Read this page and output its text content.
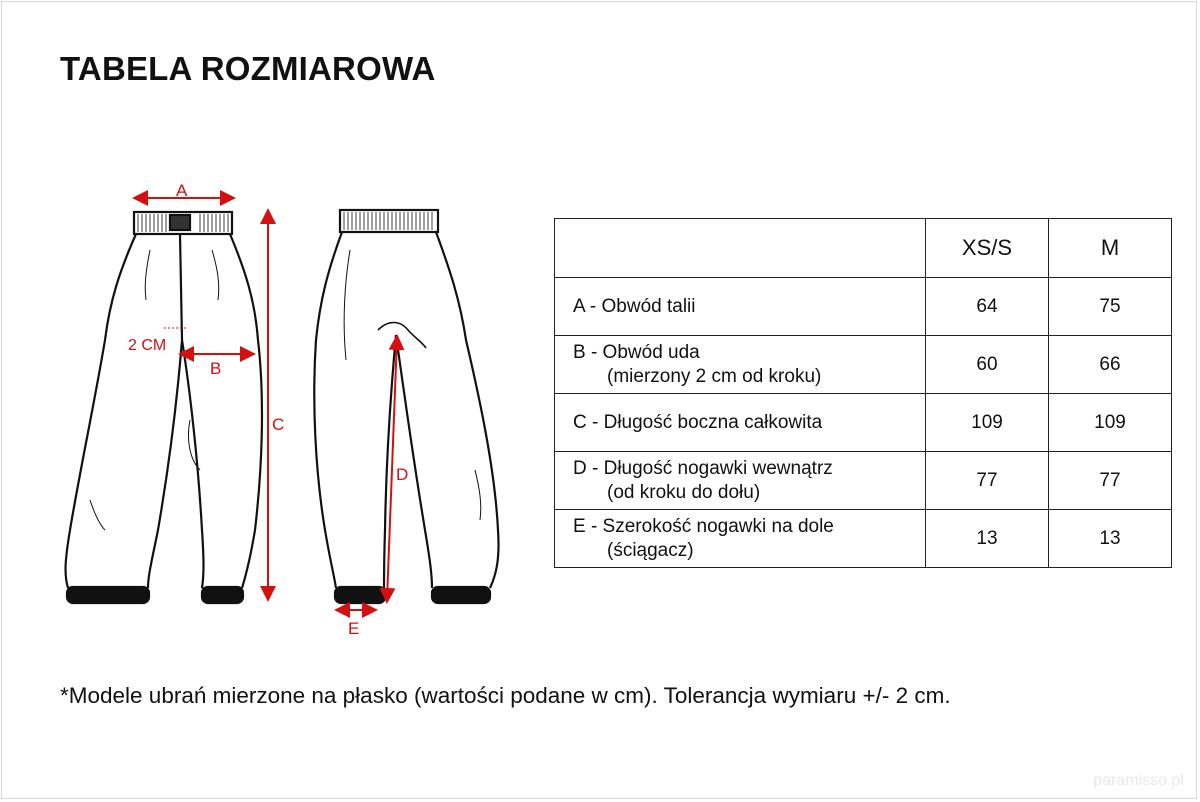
TABELA ROZMIAROWA
A
B
C
D
E
2 CM
	XS/S	M
A - Obwód talii	64	75
B - Obwód uda
(mierzony 2 cm od kroku)	60	66
C - Długość boczna całkowita	109	109
D - Długość nogawki wewnątrz
(od kroku do dołu)	77	77
E - Szerokość nogawki na dole
(ściągacz)	13	13
*Modele ubrań mierzone na płasko (wartości podane w cm). Tolerancja wymiaru +/- 2 cm.
paramisso.pl
